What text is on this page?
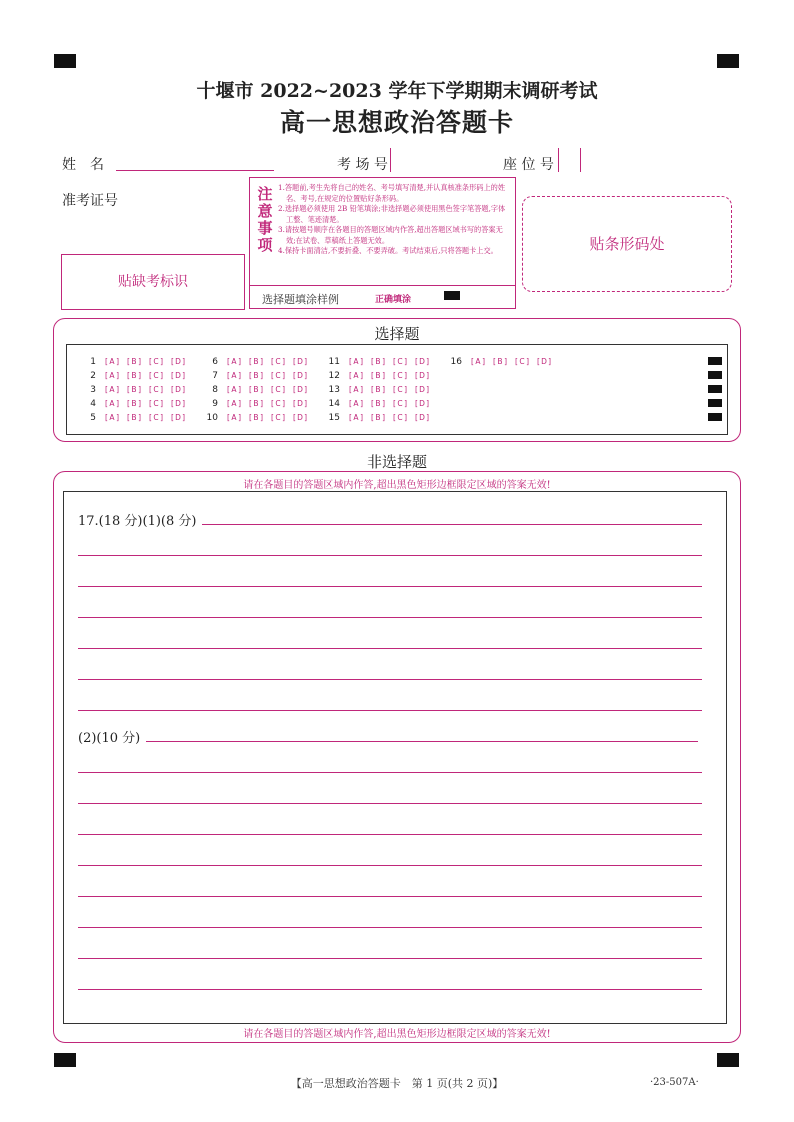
十堰市 2022~2023 学年下学期期末调研考试
高一思想政治答题卡
姓　名	考 场 号	座 位 号
准考证号
贴缺考标识
注
意
事
项
1.答题前,考生先将自己的姓名、考号填写清楚,并认真核准条形码上的姓名、考号,在规定的位置贴好条形码。
2.选择题必须使用 2B 铅笔填涂;非选择题必须使用黑色签字笔答题,字体工整、笔迹清楚。
3.请按题号顺序在各题目的答题区域内作答,超出答题区域书写的答案无效;在试卷、草稿纸上答题无效。
4.保持卡面清洁,不要折叠、不要弄破。考试结束后,只将答题卡上交。
选择题填涂样例	正确填涂
贴条形码处
选择题
1	[ A ]	[ B ]	[ C ]	[ D ]
2	[ A ]	[ B ]	[ C ]	[ D ]
3	[ A ]	[ B ]	[ C ]	[ D ]
4	[ A ]	[ B ]	[ C ]	[ D ]
5	[ A ]	[ B ]	[ C ]	[ D ]
6	[ A ]	[ B ]	[ C ]	[ D ]
7	[ A ]	[ B ]	[ C ]	[ D ]
8	[ A ]	[ B ]	[ C ]	[ D ]
9	[ A ]	[ B ]	[ C ]	[ D ]
10	[ A ]	[ B ]	[ C ]	[ D ]
11	[ A ]	[ B ]	[ C ]	[ D ]
12	[ A ]	[ B ]	[ C ]	[ D ]
13	[ A ]	[ B ]	[ C ]	[ D ]
14	[ A ]	[ B ]	[ C ]	[ D ]
15	[ A ]	[ B ]	[ C ]	[ D ]
16	[ A ]	[ B ]	[ C ]	[ D ]
非选择题
请在各题目的答题区域内作答,超出黑色矩形边框限定区域的答案无效!
17.(18 分)(1)(8 分)
(2)(10 分)
请在各题目的答题区域内作答,超出黑色矩形边框限定区域的答案无效!
【高一思想政治答题卡　第 1 页(共 2 页)】	·23-507A·
